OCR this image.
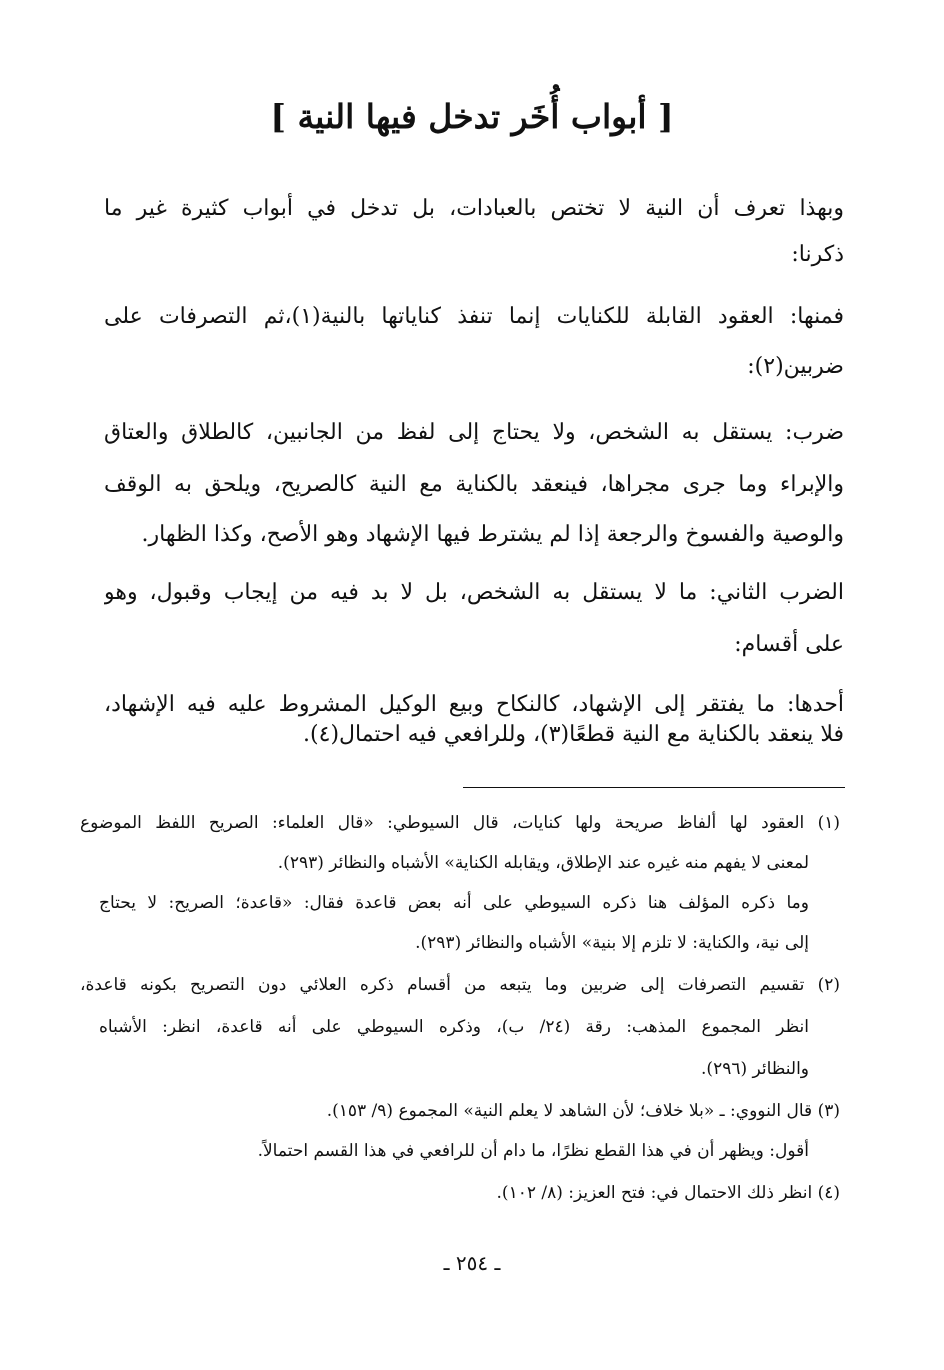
[ أبواب أُخَر تدخل فيها النية ]
وبهذا تعرف أن النية لا تختص بالعبادات، بل تدخل في أبواب كثيرة غير ما
ذكرنا:
فمنها: العقود القابلة للكنايات إنما تنفذ كناياتها بالنية(١)،ثم التصرفات على
ضربين(٢):
ضرب: يستقل به الشخص، ولا يحتاج إلى لفظ من الجانبين، كالطلاق والعتاق
والإبراء وما جرى مجراها، فينعقد بالكناية مع النية كالصريح، ويلحق به الوقف
والوصية والفسوخ والرجعة إذا لم يشترط فيها الإشهاد وهو الأصح، وكذا الظهار.
الضرب الثاني: ما لا يستقل به الشخص، بل لا بد فيه من إيجاب وقبول، وهو
على أقسام:
أحدها: ما يفتقر إلى الإشهاد، كالنكاح وبيع الوكيل المشروط عليه فيه الإشهاد،
فلا ينعقد بالكناية مع النية قطعًا(٣)، وللرافعي فيه احتمال(٤).
(١) العقود لها ألفاظ صريحة ولها كنايات، قال السيوطي: «قال العلماء: الصريح اللفظ الموضوع
لمعنى لا يفهم منه غيره عند الإطلاق، ويقابله الكناية» الأشباه والنظائر (٢٩٣).
وما ذكره المؤلف هنا ذكره السيوطي على أنه بعض قاعدة فقال: «قاعدة؛ الصريح: لا يحتاج
إلى نية، والكناية: لا تلزم إلا بنية» الأشباه والنظائر (٢٩٣).
(٢) تقسيم التصرفات إلى ضربين وما يتبعه من أقسام ذكره العلائي دون التصريح بكونه قاعدة،
انظر المجموع المذهب: رقة (٢٤/ ب)، وذكره السيوطي على أنه قاعدة، انظر: الأشباه
والنظائر (٢٩٦).
(٣) قال النووي: ـ «بلا خلاف؛ لأن الشاهد لا يعلم النية» المجموع (٩/ ١٥٣).
أقول: ويظهر أن في هذا القطع نظرًا، ما دام أن للرافعي في هذا القسم احتمالاً.
(٤) انظر ذلك الاحتمال في: فتح العزيز: (٨/ ١٠٢).
ـ ٢٥٤ ـ
